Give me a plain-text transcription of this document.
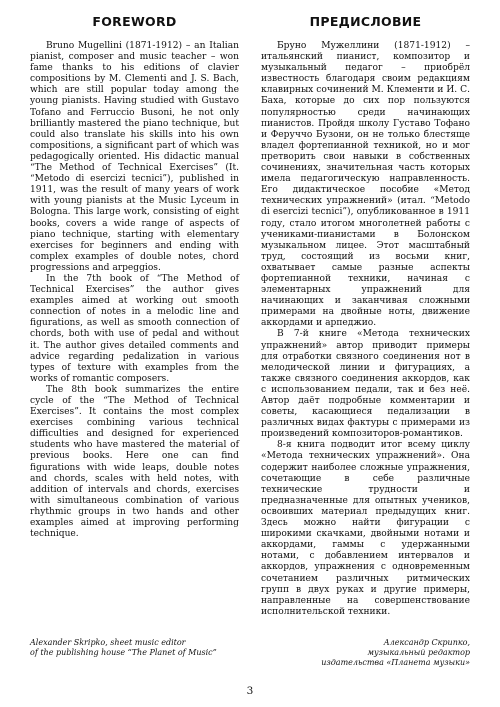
FOREWORD

Bruno Mugellini (1871-1912) – an Italian pianist, composer and music teacher – won fame thanks to his editions of clavier compositions by M. Clementi and J. S. Bach, which are still popular today among the young pianists. Having studied with Gustavo Tofano and Ferruccio Busoni, he not only brilliantly mastered the piano technique, but could also translate his skills into his own compositions, a significant part of which was pedagogically oriented. His didactic manual “The Method of Technical Exercises” (It. “Metodo di esercizi tecnici”), published in 1911, was the result of many years of work with young pianists at the Music Lyceum in Bologna. This large work, consisting of eight books, covers a wide range of aspects of piano technique, starting with elementary exercises for beginners and ending with complex examples of double notes, chord progressions and arpeggios.

In the 7th book of “The Method of Technical Exercises” the author gives examples aimed at working out smooth connection of notes in a melodic line and figurations, as well as smooth connection of chords, both with use of pedal and without it. The author gives detailed comments and advice regarding pedalization in various types of texture with examples from the works of romantic composers.

The 8th book summarizes the entire cycle of the “The Method of Technical Exercises”. It contains the most complex exercises combining various technical difficulties and designed for experienced students who have mastered the material of previous books. Here one can find figurations with wide leaps, double notes and chords, scales with held notes, with addition of intervals and chords, exercises with simultaneous combination of various rhythmic groups in two hands and other examples aimed at improving performing technique.

ПРЕДИСЛОВИЕ

Бруно Мужеллини (1871-1912) – итальянский пианист, композитор и музыкальный педагог – приобрёл известность благодаря своим редакциям клавирных сочинений М. Клементи и И. С. Баха, которые до сих пор пользуются популярностью среди начинающих пианистов. Пройдя школу Густаво Тофано и Феруччо Бузони, он не только блестяще владел фортепианной техникой, но и мог претворить свои навыки в собственных сочинениях, значительная часть которых имела педагогическую направленность. Его дидактическое пособие «Метод технических упражнений» (итал. “Metodo di esercizi tecnici”), опубликованное в 1911 году, стало итогом многолетней работы с учениками-пианистами в Болонском музыкальном лицее. Этот масштабный труд, состоящий из восьми книг, охватывает самые разные аспекты фортепианной техники, начиная с элементарных упражнений для начинающих и заканчивая сложными примерами на двойные ноты, движение аккордами и арпеджио.

В 7-й книге «Метода технических упражнений» автор приводит примеры для отработки связного соединения нот в мелодической линии и фигурациях, а также связного соединения аккордов, как с использованием педали, так и без неё. Автор даёт подробные комментарии и советы, касающиеся педализации в различных видах фактуры с примерами из произведений композиторов-романтиков.

8-я книга подводит итог всему циклу «Метода технических упражнений». Она содержит наиболее сложные упражнения, сочетающие в себе различные технические трудности и предназначенные для опытных учеников, освоивших материал предыдущих книг. Здесь можно найти фигурации с широкими скачками, двойными нотами и аккордами, гаммы с удержанными нотами, с добавлением интервалов и аккордов, упражнения с одновременным сочетанием различных ритмических групп в двух руках и другие примеры, направленные на совершенствование исполнительской техники.

Alexander Skripko, sheet music editor
of the publishing house “The Planet of Music”
Александр Скрипко,
музыкальный редактор
издательства «Планета музыки»
3
